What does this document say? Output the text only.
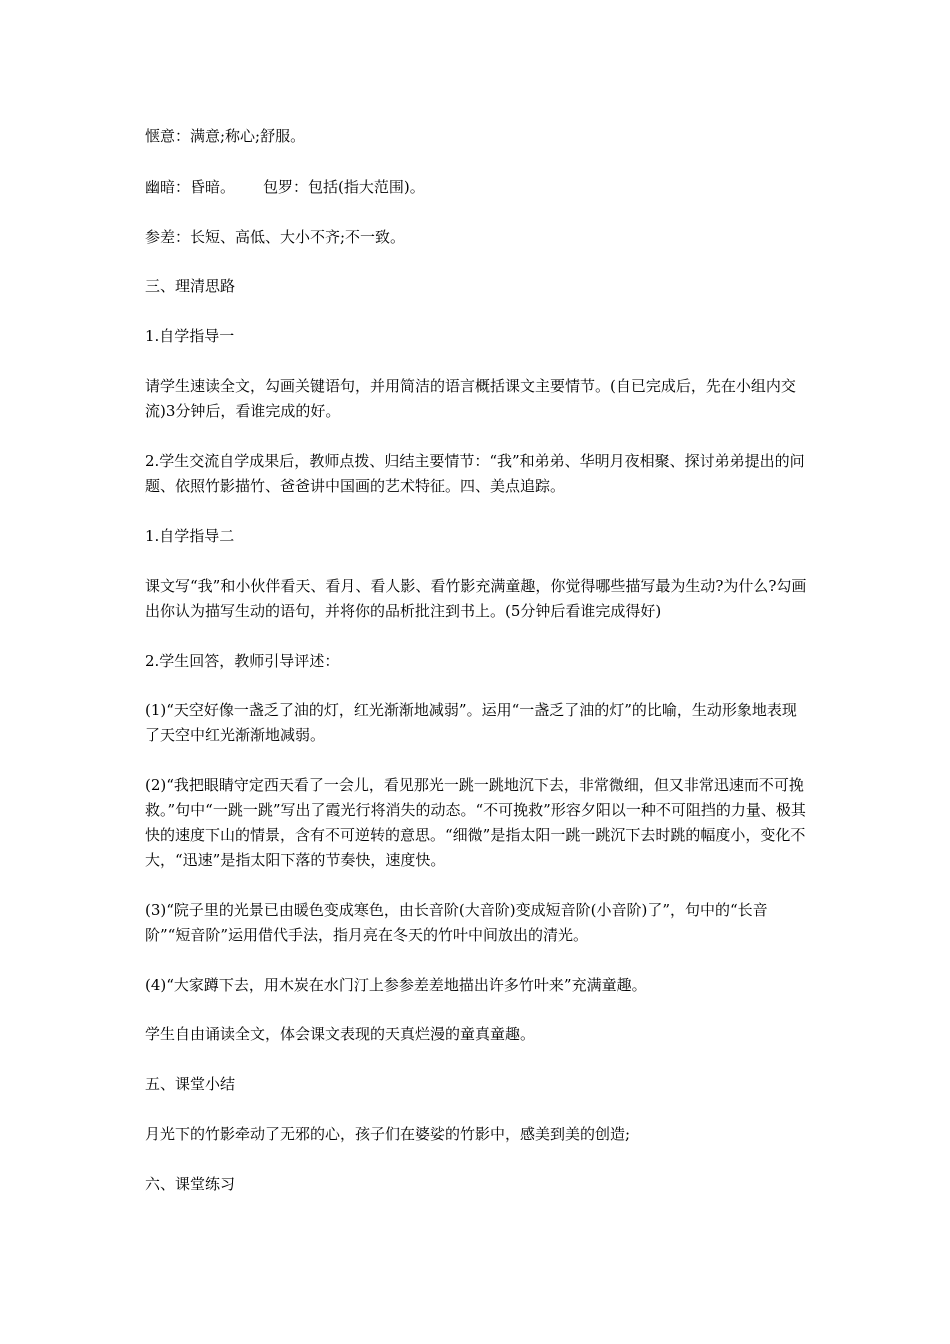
惬意：满意;称心;舒服。

幽暗：昏暗。 包罗：包括(指大范围)。

参差：长短、高低、大小不齐;不一致。

三、理清思路

1.自学指导一

请学生速读全文，勾画关键语句，并用简洁的语言概括课文主要情节。(自已完成后，先在小组内交流)3分钟后，看谁完成的好。

2.学生交流自学成果后，教师点拨、归结主要情节：“我”和弟弟、华明月夜相聚、探讨弟弟提出的问题、依照竹影描竹、爸爸讲中国画的艺术特征。四、美点追踪。

1.自学指导二

课文写“我”和小伙伴看天、看月、看人影、看竹影充满童趣，你觉得哪些描写最为生动?为什么?勾画出你认为描写生动的语句，并将你的品析批注到书上。(5分钟后看谁完成得好)

2.学生回答，教师引导评述：

(1)“天空好像一盏乏了油的灯，红光渐渐地减弱”。运用“一盏乏了油的灯”的比喻，生动形象地表现了天空中红光渐渐地减弱。

(2)“我把眼睛守定西天看了一会儿，看见那光一跳一跳地沉下去，非常微细，但又非常迅速而不可挽救。”句中“一跳一跳”写出了霞光行将消失的动态。“不可挽救”形容夕阳以一种不可阻挡的力量、极其快的速度下山的情景，含有不可逆转的意思。“细微”是指太阳一跳一跳沉下去时跳的幅度小，变化不大，“迅速”是指太阳下落的节奏快，速度快。

(3)“院子里的光景已由暖色变成寒色，由长音阶(大音阶)变成短音阶(小音阶)了”，句中的“长音阶”“短音阶”运用借代手法，指月亮在冬天的竹叶中间放出的清光。

(4)“大家蹲下去，用木炭在水门汀上参参差差地描出许多竹叶来”充满童趣。

学生自由诵读全文，体会课文表现的天真烂漫的童真童趣。

五、课堂小结

月光下的竹影牵动了无邪的心，孩子们在婆娑的竹影中，感美到美的创造;

六、课堂练习
